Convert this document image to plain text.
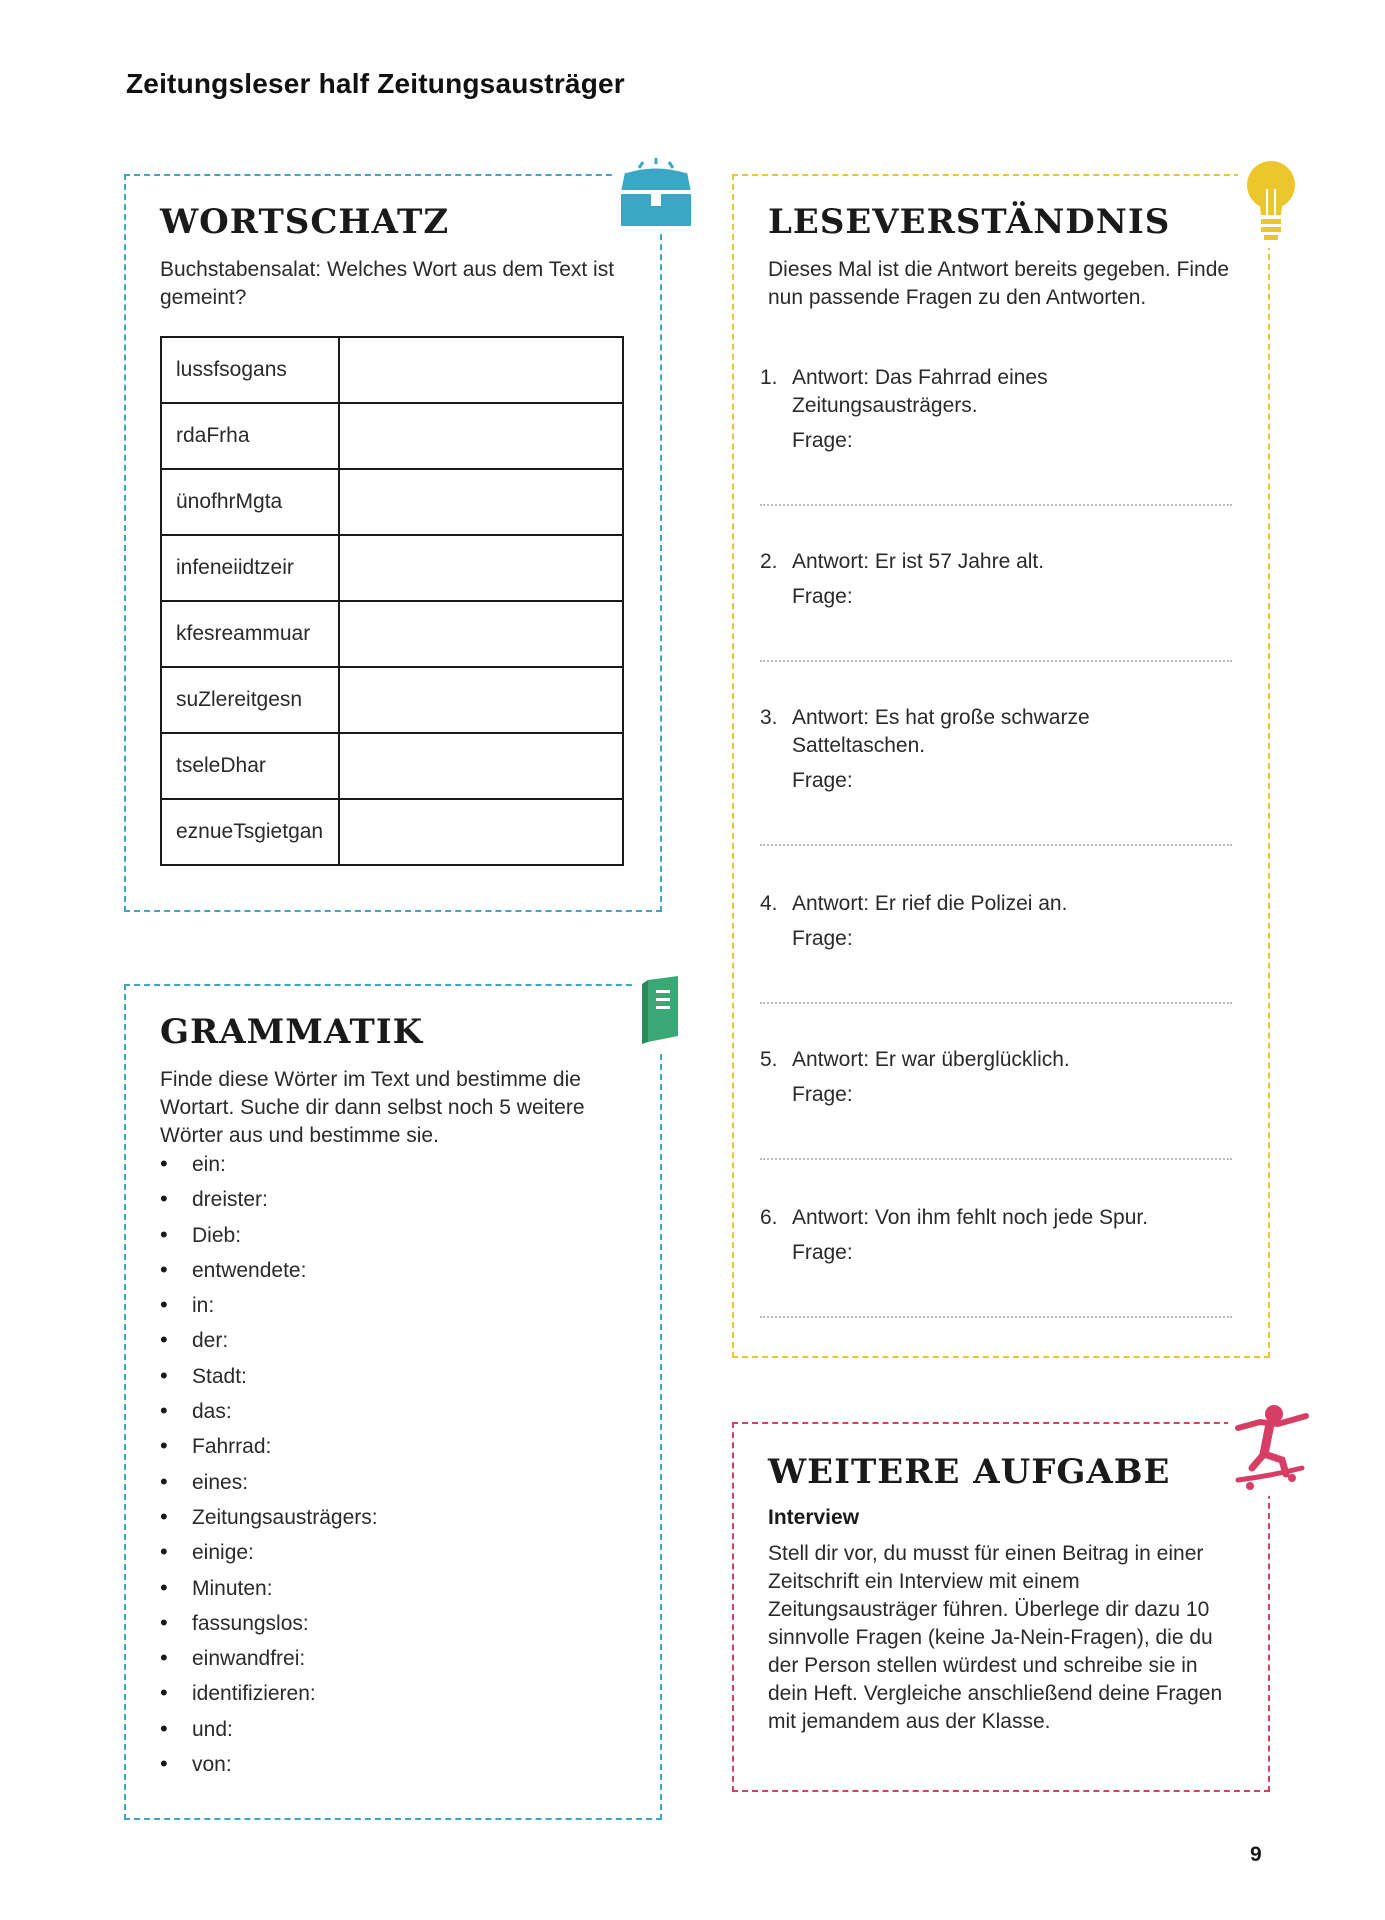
Zeitungsleser half Zeitungsausträger
WORTSCHATZ
Buchstabensalat: Welches Wort aus dem Text ist gemeint?
lussfsogans	
rdaFrha	
ünofhrMgta	
infeneiidtzeir	
kfesreammuar	
suZlereitgesn	
tseleDhar	
eznueTsgietgan	
GRAMMATIK
Finde diese Wörter im Text und bestimme die Wortart. Suche dir dann selbst noch 5 weitere Wörter aus und bestimme sie.
• ein:
• dreister:
• Dieb:
• entwendete:
• in:
• der:
• Stadt:
• das:
• Fahrrad:
• eines:
• Zeitungsausträgers:
• einige:
• Minuten:
• fassungslos:
• einwandfrei:
• identifizieren:
• und:
• von:
LESEVERSTÄNDNIS
Dieses Mal ist die Antwort bereits gegeben. Finde nun passende Fragen zu den Antworten.
1. Antwort: Das Fahrrad eines Zeitungsausträgers.
Frage:
2. Antwort: Er ist 57 Jahre alt.
Frage:
3. Antwort: Es hat große schwarze Satteltaschen.
Frage:
4. Antwort: Er rief die Polizei an.
Frage:
5. Antwort: Er war überglücklich.
Frage:
6. Antwort: Von ihm fehlt noch jede Spur.
Frage:
WEITERE AUFGABE
Interview
Stell dir vor, du musst für einen Beitrag in einer Zeitschrift ein Interview mit einem Zeitungsausträger führen. Überlege dir dazu 10 sinnvolle Fragen (keine Ja-Nein-Fragen), die du der Person stellen würdest und schreibe sie in dein Heft. Vergleiche anschließend deine Fragen mit jemandem aus der Klasse.
9
